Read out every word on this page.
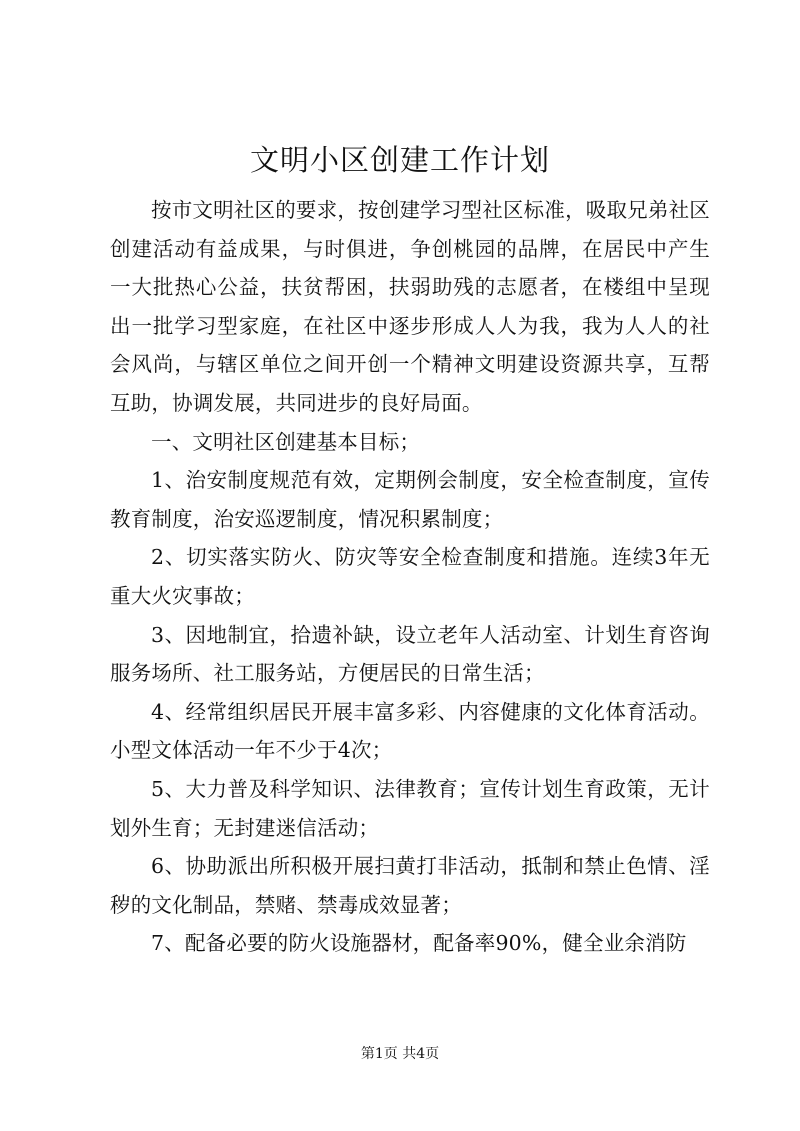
文明小区创建工作计划

按市文明社区的要求，按创建学习型社区标准，吸取兄弟社区创建活动有益成果，与时俱进，争创桃园的品牌，在居民中产生一大批热心公益，扶贫帮困，扶弱助残的志愿者，在楼组中呈现出一批学习型家庭，在社区中逐步形成人人为我，我为人人的社会风尚，与辖区单位之间开创一个精神文明建设资源共享，互帮互助，协调发展，共同进步的良好局面。

一、文明社区创建基本目标；

1、治安制度规范有效，定期例会制度，安全检查制度，宣传教育制度，治安巡逻制度，情况积累制度；

2、切实落实防火、防灾等安全检查制度和措施。连续3年无重大火灾事故；

3、因地制宜，拾遗补缺，设立老年人活动室、计划生育咨询服务场所、社工服务站，方便居民的日常生活；

4、经常组织居民开展丰富多彩、内容健康的文化体育活动。小型文体活动一年不少于4次；

5、大力普及科学知识、法律教育；宣传计划生育政策，无计划外生育；无封建迷信活动；

6、协助派出所积极开展扫黄打非活动，抵制和禁止色情、淫秽的文化制品，禁赌、禁毒成效显著；

7、配备必要的防火设施器材，配备率90%，健全业余消防

第1页 共4页
